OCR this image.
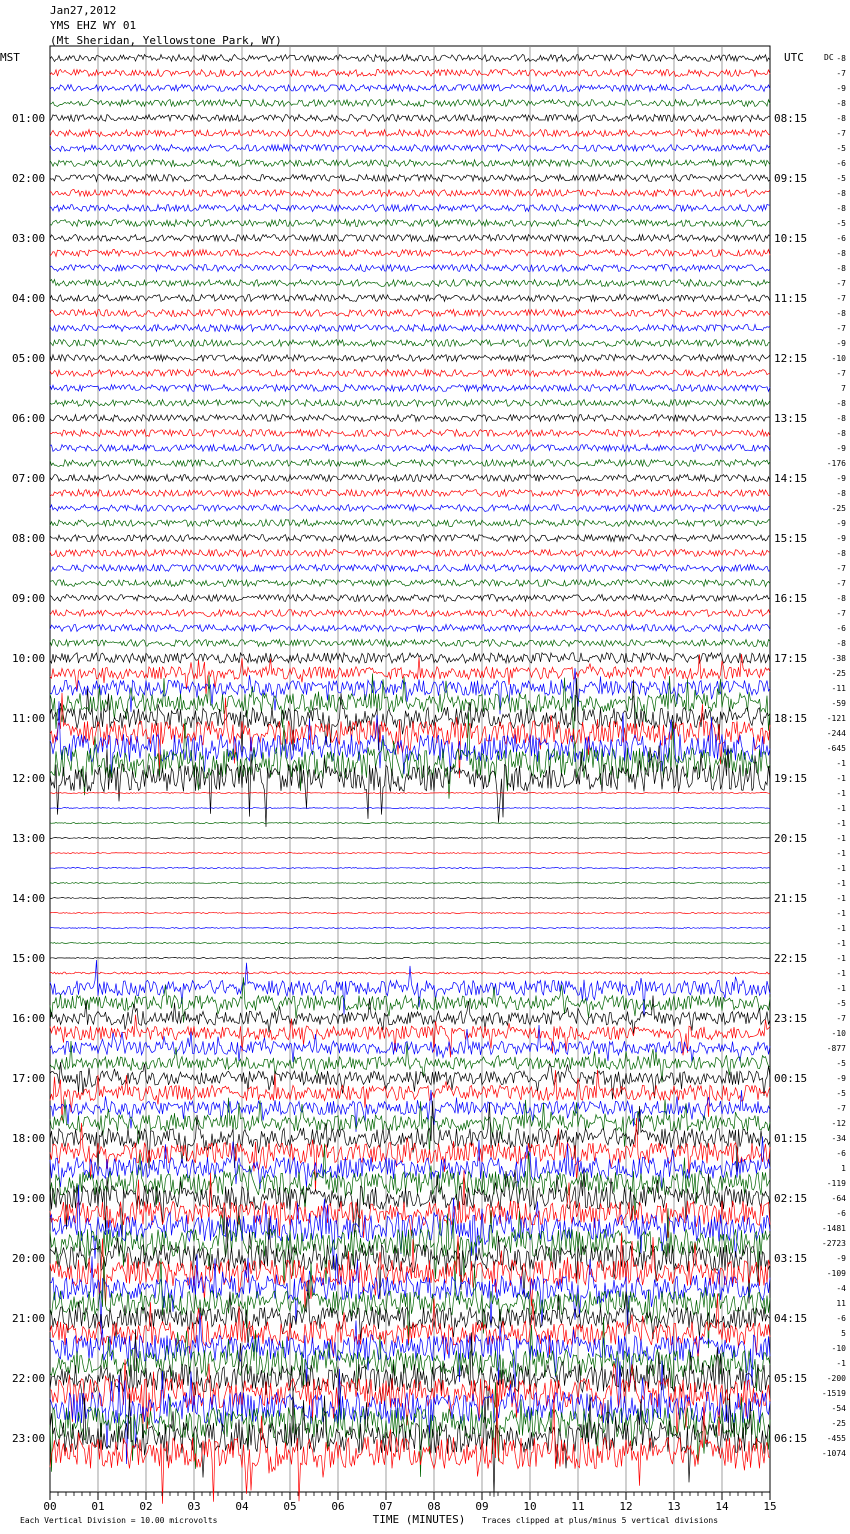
Jan27,2012
YMS EHZ WY 01
(Mt Sheridan, Yellowstone Park, WY)
MST	UTC	DC
01:00	08:15
02:00	09:15
03:00	10:15
04:00	11:15
05:00	12:15
06:00	13:15
07:00	14:15
08:00	15:15
09:00	16:15
10:00	17:15
11:00	18:15
12:00	19:15
13:00	20:15
14:00	21:15
15:00	22:15
16:00	23:15
17:00	00:15
18:00	01:15
19:00	02:15
20:00	03:15
21:00	04:15
22:00	05:15
23:00	06:15
-8
-7
-9
-8
-8
-7
-5
-6
-5
-8
-8
-5
-6
-8
-8
-7
-7
-8
-7
-9
-10
-7
7
-8
-8
-8
-9
-176
-9
-8
-25
-9
-9
-8
-7
-7
-8
-7
-6
-8
-38
-25
-11
-59
-121
-244
-645
-1
-1
-1
-1
-1
-1
-1
-1
-1
-1
-1
-1
-1
-1
-1
-1
-5
-7
-10
-877
-5
-9
-5
-7
-12
-34
-6
1
-119
-64
-6
-1481
-2723
-9
-109
-4
11
-6
5
-10
-1
-200
-1519
-54
-25
-455
-1074
00	01	02	03	04	05	06	07	08	09	10	11	12	13	14	15
Each Vertical Division = 10.00 microvolts	TIME (MINUTES) Traces clipped at plus/minus 5 vertical divisions
